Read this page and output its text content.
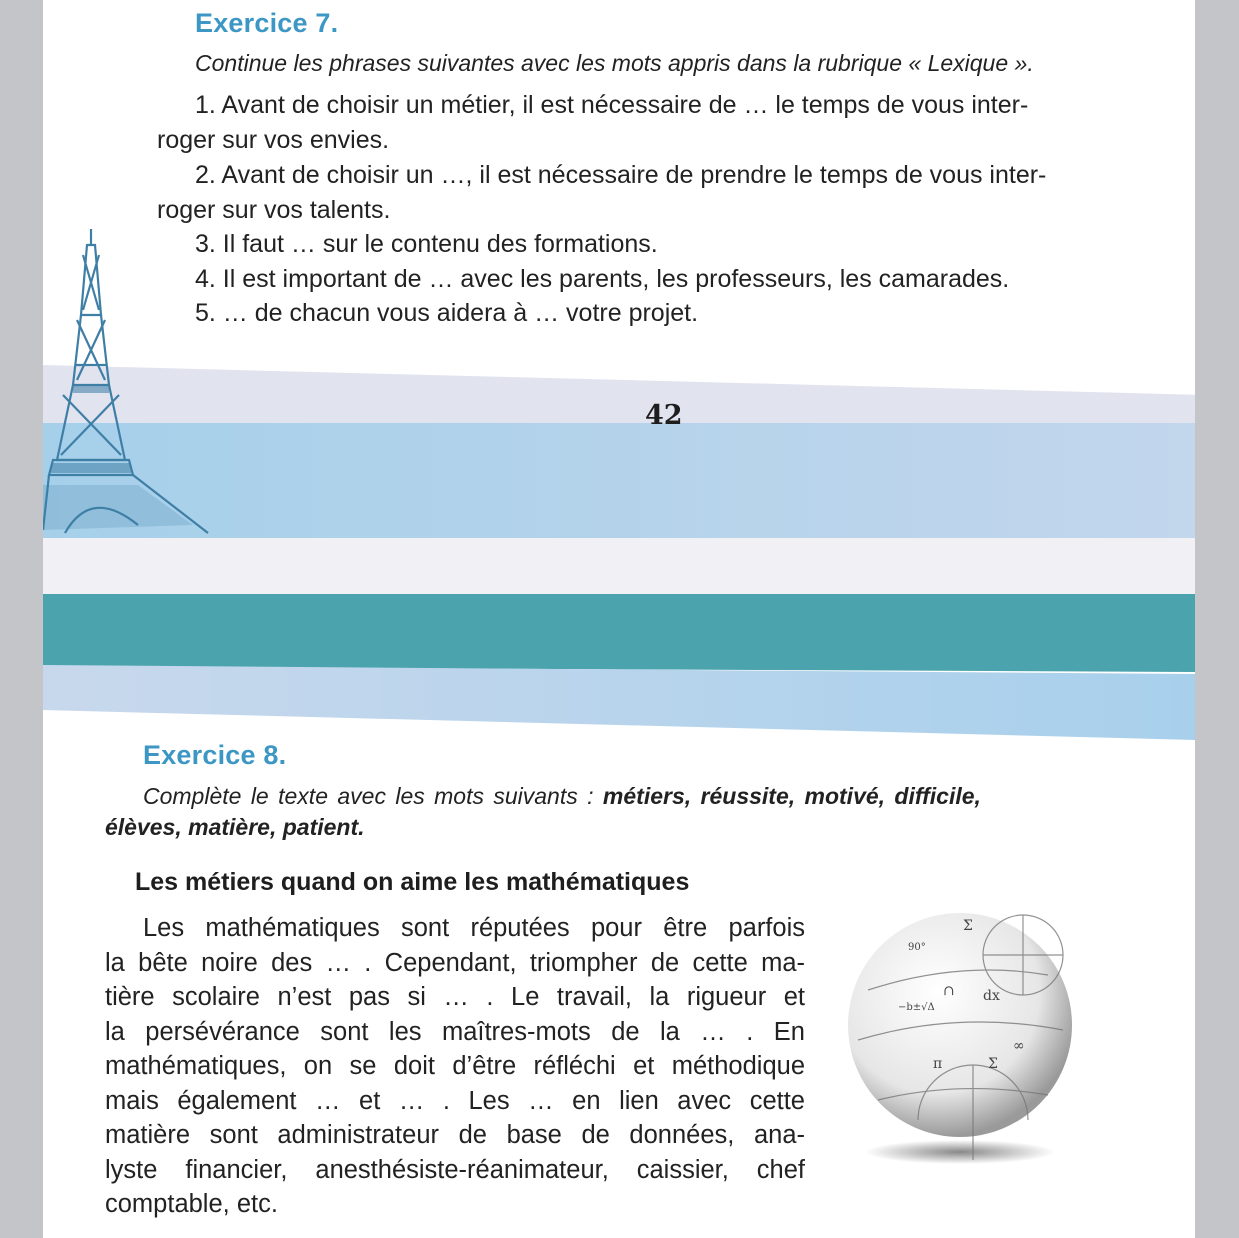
Exercice 7.
Continue les phrases suivantes avec les mots appris dans la rubrique « Lexique ».
1. Avant de choisir un métier, il est nécessaire de … le temps de vous inter-
roger sur vos envies.
2. Avant de choisir un …, il est nécessaire de prendre le temps de vous inter-
roger sur vos talents.
3. Il faut … sur le contenu des formations.
4. Il est important de … avec les parents, les professeurs, les camarades.
5. … de chacun vous aidera à … votre projet.
42
Exercice 8.
Complète le texte avec les mots suivants : métiers, réussite, motivé, difficile,
élèves, matière, patient.
Les métiers quand on aime les mathématiques
Les mathématiques sont réputées pour être parfois
la bête noire des … . Cependant, triompher de cette ma-
tière scolaire n’est pas si … . Le travail, la rigueur et
la persévérance sont les maîtres-mots de la … . En
mathématiques, on se doit d’être réfléchi et méthodique
mais également … et … . Les … en lien avec cette
matière sont administrateur de base de données, ana-
lyste financier, anesthésiste-réanimateur, caissier, chef
comptable, etc.
Σ
∩ dx
∞
π	Σ
−b±√Δ
90°
